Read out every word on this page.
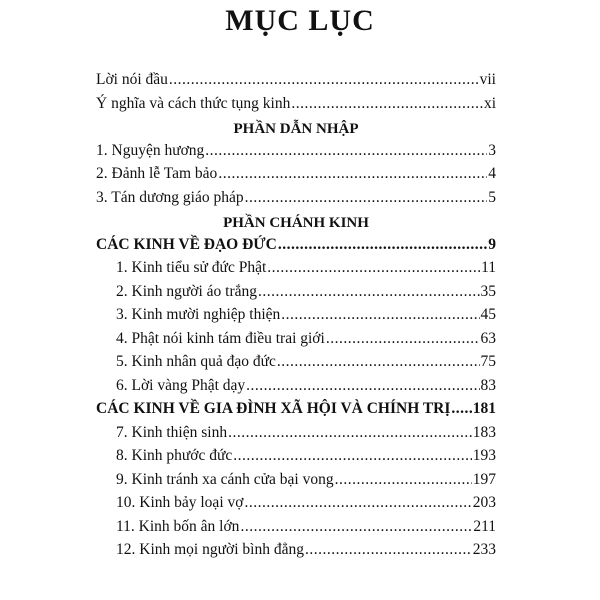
MỤC LỤC
Lời nói đầu .....	vii
Ý nghĩa và cách thức tụng kinh .....	xi
PHẦN DẪN NHẬP
1. Nguyện hương .....	3
2. Đảnh lễ Tam bảo .....	4
3. Tán dương giáo pháp .....	5
PHẦN CHÁNH KINH
CÁC KINH VỀ ĐẠO ĐỨC .....	9
1. Kinh tiểu sử đức Phật .....	11
2. Kinh người áo trắng .....	35
3. Kinh mười nghiệp thiện .....	45
4. Phật nói kinh tám điều trai giới .....	63
5. Kinh nhân quả đạo đức .....	75
6. Lời vàng Phật dạy .....	83
CÁC KINH VỀ GIA ĐÌNH XÃ HỘI VÀ CHÍNH TRỊ ..... 181
7. Kinh thiện sinh .....	183
8. Kinh phước đức .....	193
9. Kinh tránh xa cánh cửa bại vong .....	197
10. Kinh bảy loại vợ .....	203
11. Kinh bốn ân lớn .....	211
12. Kinh mọi người bình đẳng .....	233
